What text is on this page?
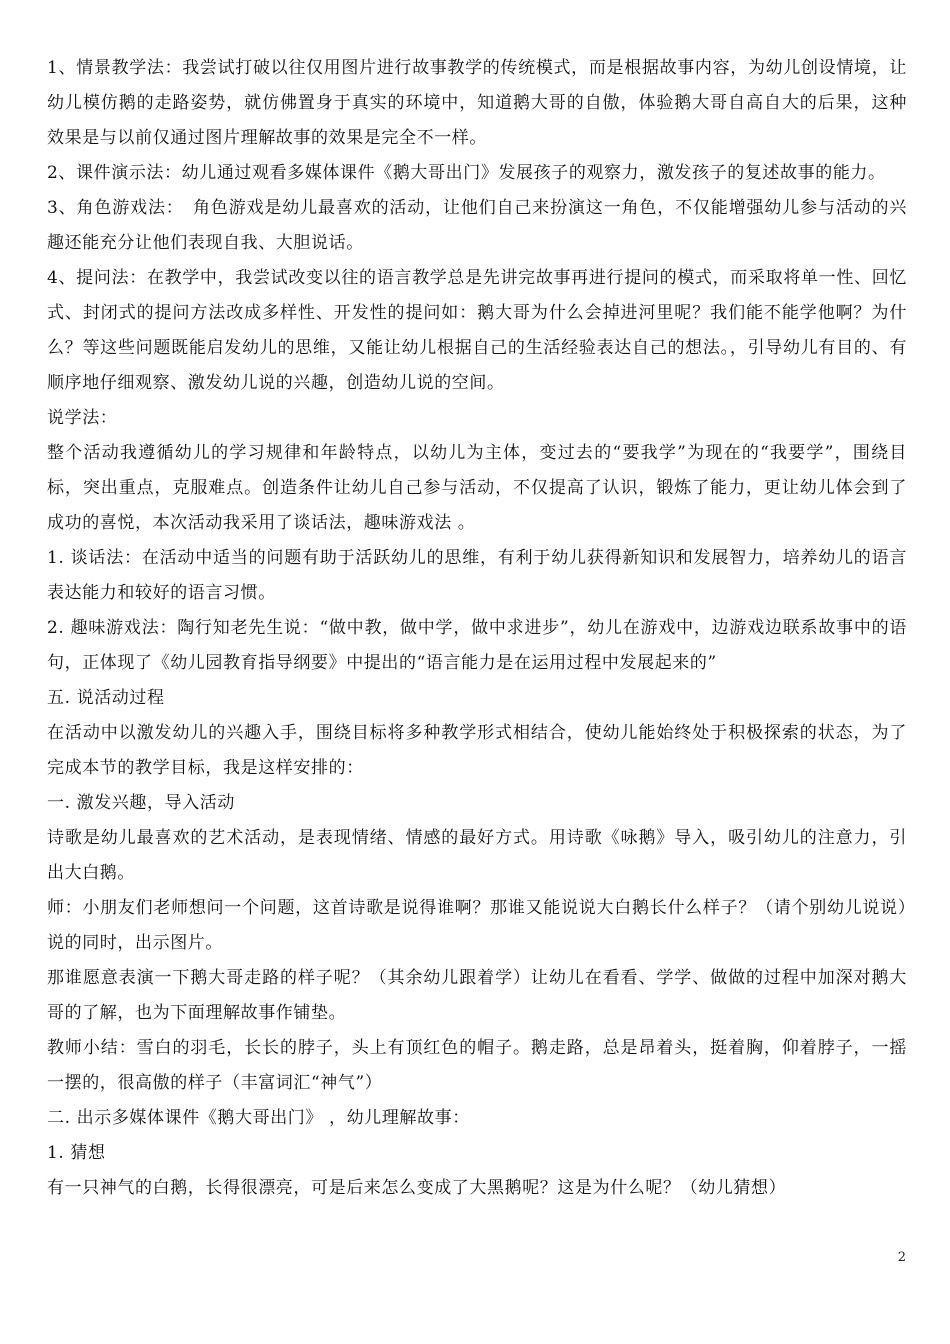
1、情景教学法：我尝试打破以往仅用图片进行故事教学的传统模式，而是根据故事内容，为幼儿创设情境，让幼儿模仿鹅的走路姿势，就仿佛置身于真实的环境中，知道鹅大哥的自傲，体验鹅大哥自高自大的后果，这种效果是与以前仅通过图片理解故事的效果是完全不一样。

2、课件演示法：幼儿通过观看多媒体课件《鹅大哥出门》发展孩子的观察力，激发孩子的复述故事的能力。

3、角色游戏法：　角色游戏是幼儿最喜欢的活动，让他们自己来扮演这一角色，不仅能增强幼儿参与活动的兴趣还能充分让他们表现自我、大胆说话。

4、提问法：在教学中，我尝试改变以往的语言教学总是先讲完故事再进行提问的模式，而采取将单一性、回忆式、封闭式的提问方法改成多样性、开发性的提问如：鹅大哥为什么会掉进河里呢？我们能不能学他啊？为什么？等这些问题既能启发幼儿的思维，又能让幼儿根据自己的生活经验表达自己的想法。，引导幼儿有目的、有顺序地仔细观察、激发幼儿说的兴趣，创造幼儿说的空间。

说学法：

整个活动我遵循幼儿的学习规律和年龄特点，以幼儿为主体，变过去的“要我学”为现在的“我要学”，围绕目标，突出重点，克服难点。创造条件让幼儿自己参与活动，不仅提高了认识，锻炼了能力，更让幼儿体会到了成功的喜悦，本次活动我采用了谈话法，趣味游戏法 。

1. 谈话法：在活动中适当的问题有助于活跃幼儿的思维，有利于幼儿获得新知识和发展智力，培养幼儿的语言表达能力和较好的语言习惯。

2. 趣味游戏法：陶行知老先生说：“做中教，做中学，做中求进步”，幼儿在游戏中，边游戏边联系故事中的语句，正体现了《幼儿园教育指导纲要》中提出的“语言能力是在运用过程中发展起来的”

五. 说活动过程

在活动中以激发幼儿的兴趣入手，围绕目标将多种教学形式相结合，使幼儿能始终处于积极探索的状态，为了完成本节的教学目标，我是这样安排的：

一. 激发兴趣，导入活动

诗歌是幼儿最喜欢的艺术活动，是表现情绪、情感的最好方式。用诗歌《咏鹅》导入，吸引幼儿的注意力，引出大白鹅。

师：小朋友们老师想问一个问题，这首诗歌是说得谁啊？那谁又能说说大白鹅长什么样子？（请个别幼儿说说）说的同时，出示图片。

那谁愿意表演一下鹅大哥走路的样子呢？（其余幼儿跟着学）让幼儿在看看、学学、做做的过程中加深对鹅大哥的了解，也为下面理解故事作铺垫。

教师小结：雪白的羽毛，长长的脖子，头上有顶红色的帽子。鹅走路，总是昂着头，挺着胸，仰着脖子，一摇一摆的，很高傲的样子（丰富词汇“神气”）

二. 出示多媒体课件《鹅大哥出门》 ，幼儿理解故事：

1. 猜想

有一只神气的白鹅，长得很漂亮，可是后来怎么变成了大黑鹅呢？这是为什么呢？（幼儿猜想）

2
